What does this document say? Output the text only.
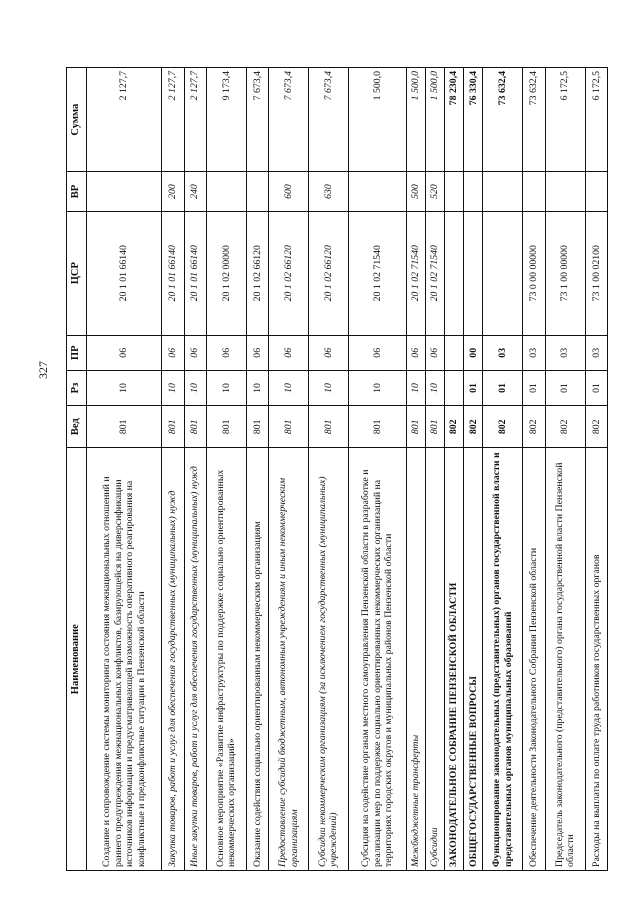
327
Наименование	Вед	Рз	ПР	ЦСР	ВР	Сумма
Создание и сопровождение системы мониторинга состояния межнациональных отношений и раннего предупреждения межнациональных конфликтов, базирующейся на диверсификации источников информации и предусматривающей возможность оперативного реагирования на конфликтные и предконфликтные ситуации в Пензенской области	801	10	06	20 1 01 66140		2 127,7
Закупка товаров, работ и услуг для обеспечения государственных (муниципальных) нужд	801	10	06	20 1 01 66140	200	2 127,7
Иные закупки товаров, работ и услуг для обеспечения государственных (муниципальных) нужд	801	10	06	20 1 01 66140	240	2 127,7
Основное мероприятие «Развитие инфраструктуры по поддержке социально ориентированных некоммерческих организаций»	801	10	06	20 1 02 00000		9 173,4
Оказание содействия социально ориентированным некоммерческим организациям	801	10	06	20 1 02 66120		7 673,4
Предоставление субсидий бюджетным, автономным учреждениям и иным некоммерческим организациям	801	10	06	20 1 02 66120	600	7 673,4
Субсидии некоммерческим организациям (за исключением государственных (муниципальных) учреждений)	801	10	06	20 1 02 66120	630	7 673,4
Субсидия на содействие органам местного самоуправления Пензенской области в разработке и реализации мер по поддержке социально ориентированных некоммерческих организаций на территориях городских округов и муниципальных районов Пензенской области	801	10	06	20 1 02 71540		1 500,0
Межбюджетные трансферты	801	10	06	20 1 02 71540	500	1 500,0
Субсидии	801	10	06	20 1 02 71540	520	1 500,0
ЗАКОНОДАТЕЛЬНОЕ СОБРАНИЕ ПЕНЗЕНСКОЙ ОБЛАСТИ	802					78 230,4
ОБЩЕГОСУДАРСТВЕННЫЕ ВОПРОСЫ	802	01	00			76 330,4
Функционирование законодательных (представительных) органов государственной власти и представительных органов муниципальных образований	802	01	03			73 632,4
Обеспечение деятельности Законодательного Собрания Пензенской области	802	01	03	73 0 00 00000		73 632,4
Председатель законодательного (представительного) органа государственной власти Пензенской области	802	01	03	73 1 00 00000		6 172,5
Расходы на выплаты по оплате труда работников государственных органов	802	01	03	73 1 00 02100		6 172,5
